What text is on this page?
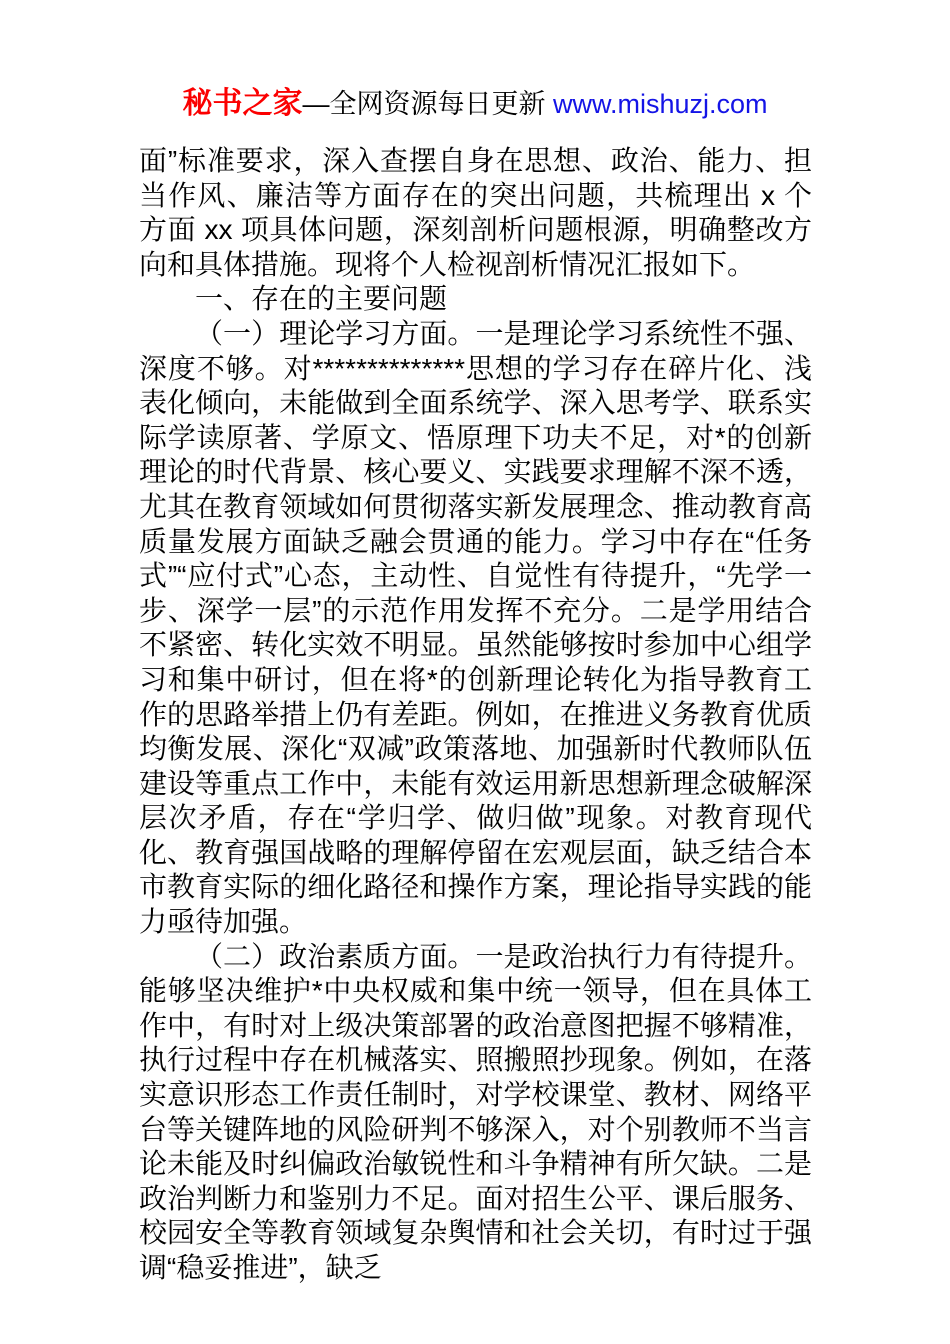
秘书之家—全网资源每日更新 www.mishuzj.com
面”标准要求，深入查摆自身在思想、政治、能力、担当作风、廉洁等方面存在的突出问题，共梳理出 x 个方面 xx 项具体问题，深刻剖析问题根源，明确整改方向和具体措施。现将个人检视剖析情况汇报如下。
一、存在的主要问题
（一）理论学习方面。一是理论学习系统性不强、深度不够。对**************思想的学习存在碎片化、浅表化倾向，未能做到全面系统学、深入思考学、联系实际学读原著、学原文、悟原理下功夫不足，对*的创新理论的时代背景、核心要义、实践要求理解不深不透，尤其在教育领域如何贯彻落实新发展理念、推动教育高质量发展方面缺乏融会贯通的能力。学习中存在“任务式”“应付式”心态，主动性、自觉性有待提升，“先学一步、深学一层”的示范作用发挥不充分。二是学用结合不紧密、转化实效不明显。虽然能够按时参加中心组学习和集中研讨，但在将*的创新理论转化为指导教育工作的思路举措上仍有差距。例如，在推进义务教育优质均衡发展、深化“双减”政策落地、加强新时代教师队伍建设等重点工作中，未能有效运用新思想新理念破解深层次矛盾，存在“学归学、做归做”现象。对教育现代化、教育强国战略的理解停留在宏观层面，缺乏结合本市教育实际的细化路径和操作方案，理论指导实践的能力亟待加强。
（二）政治素质方面。一是政治执行力有待提升。能够坚决维护*中央权威和集中统一领导，但在具体工作中，有时对上级决策部署的政治意图把握不够精准，执行过程中存在机械落实、照搬照抄现象。例如，在落实意识形态工作责任制时，对学校课堂、教材、网络平台等关键阵地的风险研判不够深入，对个别教师不当言论未能及时纠偏政治敏锐性和斗争精神有所欠缺。二是政治判断力和鉴别力不足。面对招生公平、课后服务、校园安全等教育领域复杂舆情和社会关切，有时过于强调“稳妥推进”，缺乏
